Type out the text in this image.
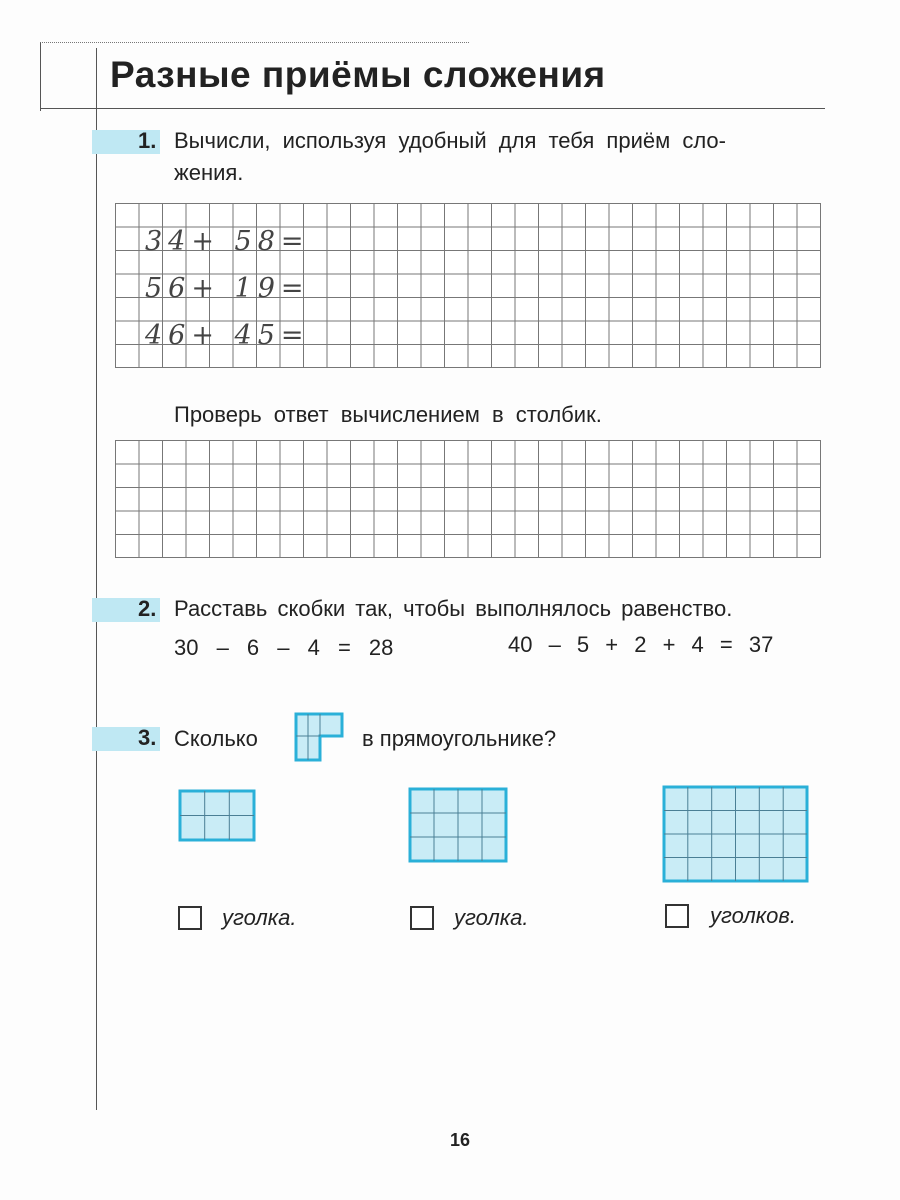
Разные приёмы сложения
1. Вычисли, используя удобный для тебя приём сло-
жения.
34+ 58=
56+ 19=
46+ 45=
Проверь ответ вычислением в столбик.
2. Расставь скобки так, чтобы выполнялось равенство.
30 – 6 – 4 = 28	40 – 5 + 2 + 4 = 37
3. Сколько	в прямоугольнике?
уголка.	уголка.	уголков.
16
